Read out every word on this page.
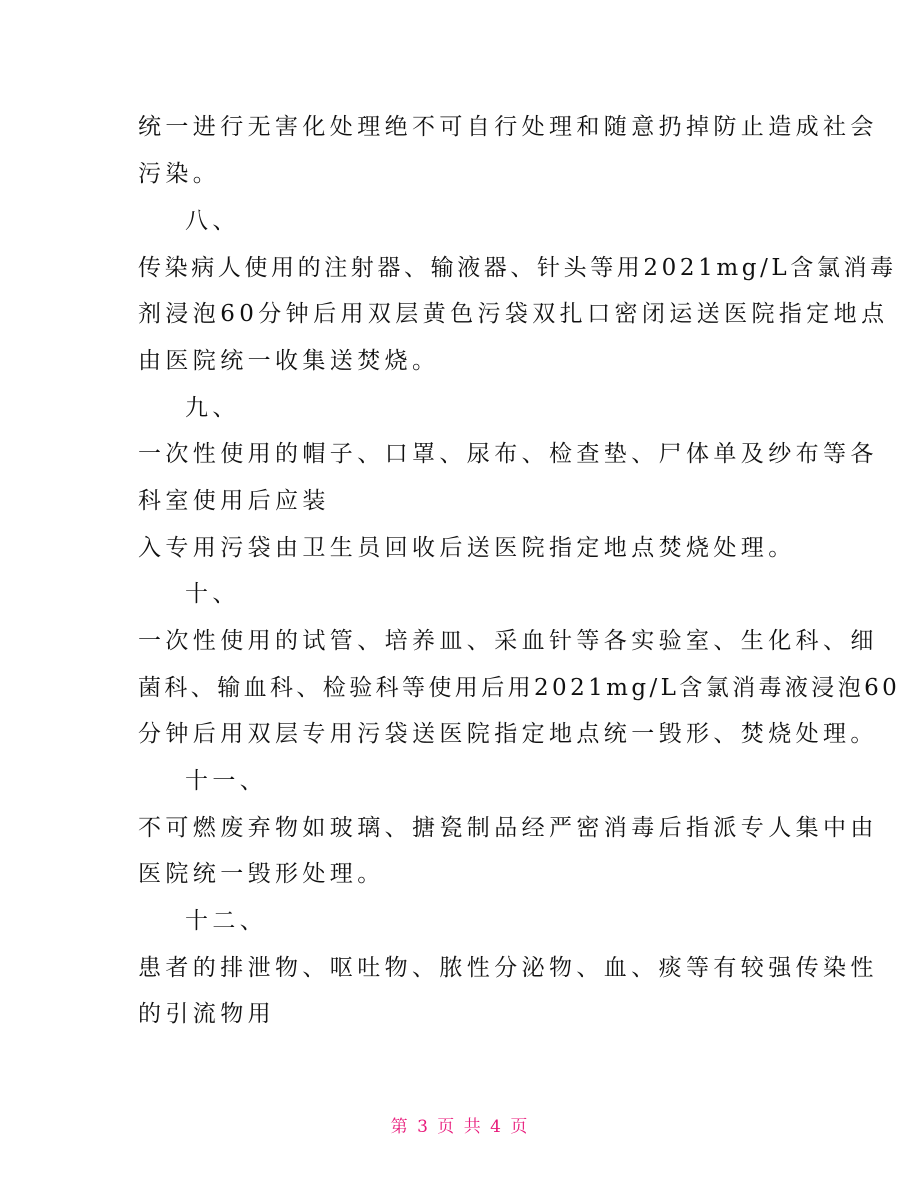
统一进行无害化处理绝不可自行处理和随意扔掉防止造成社会
污染。
八、
传染病人使用的注射器、输液器、针头等用2021mg/L含氯消毒
剂浸泡60分钟后用双层黄色污袋双扎口密闭运送医院指定地点
由医院统一收集送焚烧。
九、
一次性使用的帽子、口罩、尿布、检查垫、尸体单及纱布等各
科室使用后应装
入专用污袋由卫生员回收后送医院指定地点焚烧处理。
十、
一次性使用的试管、培养皿、采血针等各实验室、生化科、细
菌科、输血科、检验科等使用后用2021mg/L含氯消毒液浸泡60
分钟后用双层专用污袋送医院指定地点统一毁形、焚烧处理。
十一、
不可燃废弃物如玻璃、搪瓷制品经严密消毒后指派专人集中由
医院统一毁形处理。
十二、
患者的排泄物、呕吐物、脓性分泌物、血、痰等有较强传染性
的引流物用
第 3 页 共 4 页
